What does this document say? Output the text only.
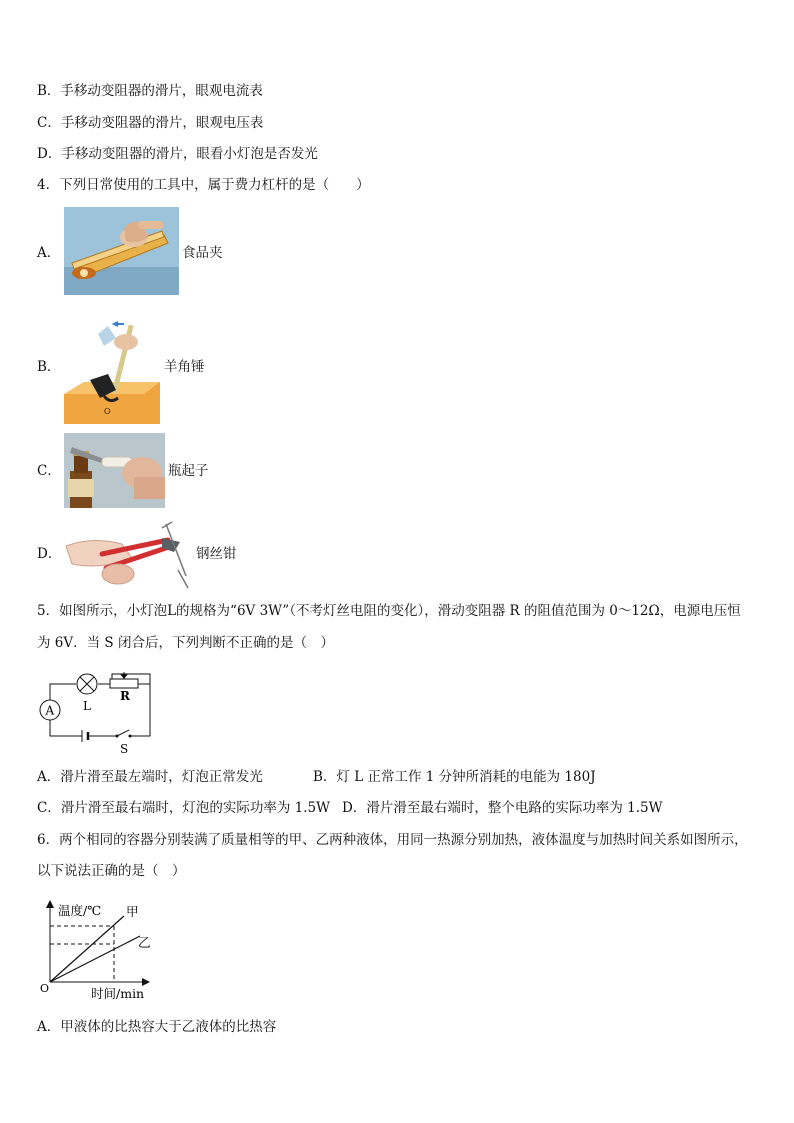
B．手移动变阻器的滑片，眼观电流表
C．手移动变阻器的滑片，眼观电压表
D．手移动变阻器的滑片，眼看小灯泡是否发光
4．下列日常使用的工具中，属于费力杠杆的是（　　）
A．	食品夹
B．
O
羊角锤
C．	瓶起子
D．	钢丝钳
5．如图所示，小灯泡L的规格为“6V 3W”（不考灯丝电阻的变化），滑动变阻器 R 的阻值范围为 0～12Ω，电源电压恒
为 6V．当 S 闭合后，下列判断不正确的是（　）
A L
R
S
A．滑片滑至最左端时，灯泡正常发光	B．灯 L 正常工作 1 分钟所消耗的电能为 180J
C．滑片滑至最右端时，灯泡的实际功率为 1.5W D．滑片滑至最右端时，整个电路的实际功率为 1.5W
6．两个相同的容器分别装满了质量相等的甲、乙两种液体，用同一热源分别加热，液体温度与加热时间关系如图所示，
以下说法正确的是（　）
温度/℃ 甲
乙
O	时间/min
A．甲液体的比热容大于乙液体的比热容
